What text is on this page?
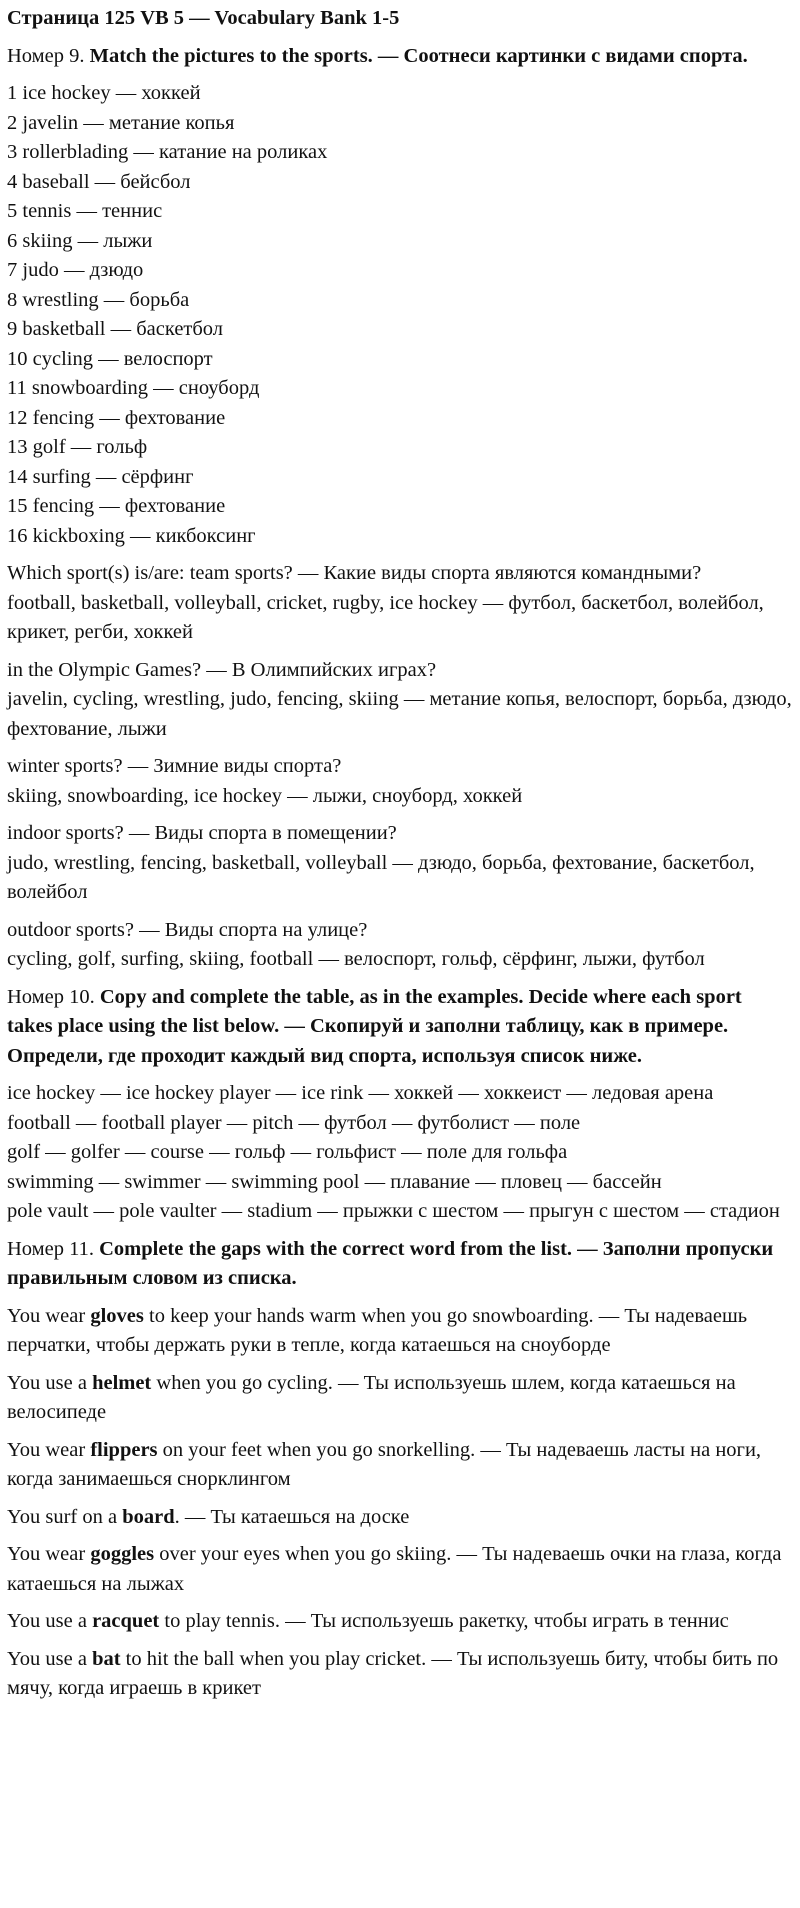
Страница 125 VB 5 — Vocabulary Bank 1-5
Номер 9. Match the pictures to the sports. — Соотнеси картинки с видами спорта.
1 ice hockey — хоккей
2 javelin — метание копья
3 rollerblading — катание на роликах
4 baseball — бейсбол
5 tennis — теннис
6 skiing — лыжи
7 judo — дзюдо
8 wrestling — борьба
9 basketball — баскетбол
10 cycling — велоспорт
11 snowboarding — сноуборд
12 fencing — фехтование
13 golf — гольф
14 surfing — сёрфинг
15 fencing — фехтование
16 kickboxing — кикбоксинг
Which sport(s) is/are: team sports? — Какие виды спорта являются командными?
football, basketball, volleyball, cricket, rugby, ice hockey — футбол, баскетбол, волейбол, крикет, регби, хоккей
in the Olympic Games? — В Олимпийских играх?
javelin, cycling, wrestling, judo, fencing, skiing — метание копья, велоспорт, борьба, дзюдо, фехтование, лыжи
winter sports? — Зимние виды спорта?
skiing, snowboarding, ice hockey — лыжи, сноуборд, хоккей
indoor sports? — Виды спорта в помещении?
judo, wrestling, fencing, basketball, volleyball — дзюдо, борьба, фехтование, баскетбол, волейбол
outdoor sports? — Виды спорта на улице?
cycling, golf, surfing, skiing, football — велоспорт, гольф, сёрфинг, лыжи, футбол
Номер 10. Copy and complete the table, as in the examples. Decide where each sport takes place using the list below. — Скопируй и заполни таблицу, как в примере. Определи, где проходит каждый вид спорта, используя список ниже.
ice hockey — ice hockey player — ice rink — хоккей — хоккеист — ледовая арена
football — football player — pitch — футбол — футболист — поле
golf — golfer — course — гольф — гольфист — поле для гольфа
swimming — swimmer — swimming pool — плавание — пловец — бассейн
pole vault — pole vaulter — stadium — прыжки с шестом — прыгун с шестом — стадион
Номер 11. Complete the gaps with the correct word from the list. — Заполни пропуски правильным словом из списка.
You wear gloves to keep your hands warm when you go snowboarding. — Ты надеваешь перчатки, чтобы держать руки в тепле, когда катаешься на сноуборде
You use a helmet when you go cycling. — Ты используешь шлем, когда катаешься на велосипеде
You wear flippers on your feet when you go snorkelling. — Ты надеваешь ласты на ноги, когда занимаешься снорклингом
You surf on a board. — Ты катаешься на доске
You wear goggles over your eyes when you go skiing. — Ты надеваешь очки на глаза, когда катаешься на лыжах
You use a racquet to play tennis. — Ты используешь ракетку, чтобы играть в теннис
You use a bat to hit the ball when you play cricket. — Ты используешь биту, чтобы бить по мячу, когда играешь в крикет
